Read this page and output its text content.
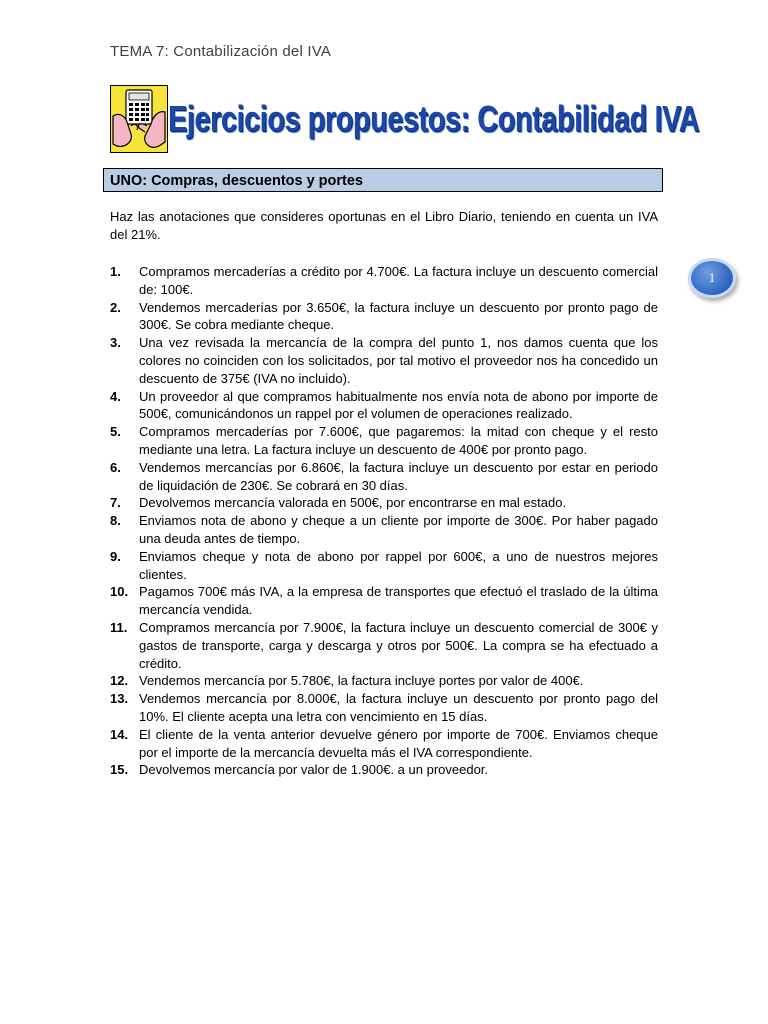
TEMA 7: Contabilización del IVA
Ejercicios propuestos: Contabilidad IVA
UNO: Compras, descuentos y portes
Haz las anotaciones que consideres oportunas en el Libro Diario, teniendo en cuenta un IVA del 21%.
1. Compramos mercaderías a crédito por 4.700€. La factura incluye un descuento comercial de: 100€.
2. Vendemos mercaderías por 3.650€, la factura incluye un descuento por pronto pago de 300€. Se cobra mediante cheque.
3. Una vez revisada la mercancía de la compra del punto 1, nos damos cuenta que los colores no coinciden con los solicitados, por tal motivo el proveedor nos ha concedido un descuento de 375€ (IVA no incluido).
4. Un proveedor al que compramos habitualmente nos envía nota de abono por importe de 500€, comunicándonos un rappel por el volumen de operaciones realizado.
5. Compramos mercaderías por 7.600€, que pagaremos: la mitad con cheque y el resto mediante una letra. La factura incluye un descuento de 400€ por pronto pago.
6. Vendemos mercancías por 6.860€, la factura incluye un descuento por estar en periodo de liquidación de 230€. Se cobrará en 30 días.
7. Devolvemos mercancía valorada en 500€, por encontrarse en mal estado.
8. Enviamos nota de abono y cheque a un cliente por importe de 300€. Por haber pagado una deuda antes de tiempo.
9. Enviamos cheque y nota de abono por rappel por 600€, a uno de nuestros mejores clientes.
10. Pagamos 700€ más IVA, a la empresa de transportes que efectuó el traslado de la última mercancía vendida.
11. Compramos mercancía por 7.900€, la factura incluye un descuento comercial de 300€ y gastos de transporte, carga y descarga y otros por 500€. La compra se ha efectuado a crédito.
12. Vendemos mercancía por 5.780€, la factura incluye portes por valor de 400€.
13. Vendemos mercancía por 8.000€, la factura incluye un descuento por pronto pago del 10%. El cliente acepta una letra con vencimiento en 15 días.
14. El cliente de la venta anterior devuelve género por importe de 700€. Enviamos cheque por el importe de la mercancía devuelta más el IVA correspondiente.
15. Devolvemos mercancía por valor de 1.900€. a un proveedor.
1
